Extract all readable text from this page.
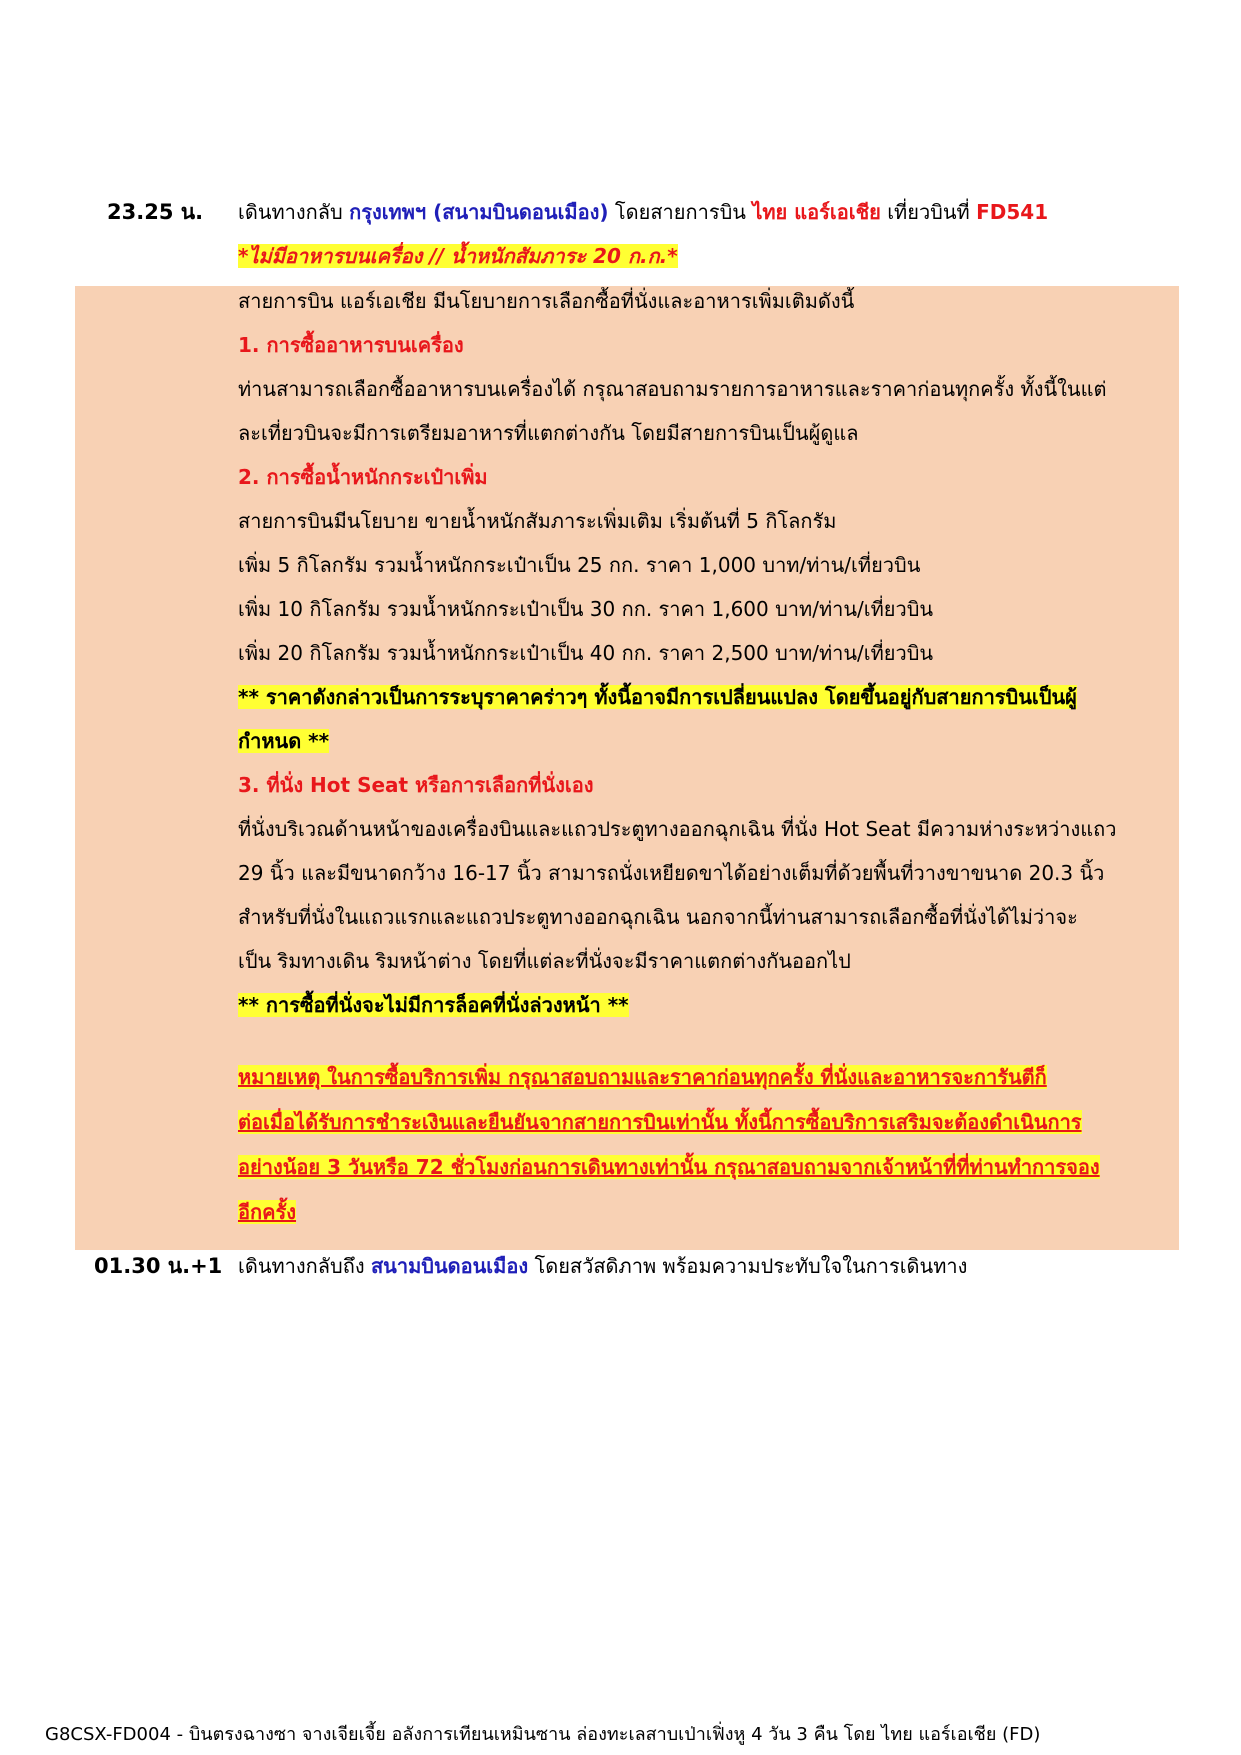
23.25 น. เดินทางกลับ กรุงเทพฯ (สนามบินดอนเมือง) โดยสายการบิน ไทย แอร์เอเชีย เที่ยวบินที่ FD541
*ไม่มีอาหารบนเครื่อง // น้ำหนักสัมภาระ 20 ก.ก.*
สายการบิน แอร์เอเชีย มีนโยบายการเลือกซื้อที่นั่งและอาหารเพิ่มเติมดังนี้
1. การซื้ออาหารบนเครื่อง
ท่านสามารถเลือกซื้ออาหารบนเครื่องได้ กรุณาสอบถามรายการอาหารและราคาก่อนทุกครั้ง ทั้งนี้ในแต่
ละเที่ยวบินจะมีการเตรียมอาหารที่แตกต่างกัน โดยมีสายการบินเป็นผู้ดูแล
2. การซื้อน้ำหนักกระเป๋าเพิ่ม
สายการบินมีนโยบาย ขายน้ำหนักสัมภาระเพิ่มเติม เริ่มต้นที่ 5 กิโลกรัม
เพิ่ม 5 กิโลกรัม รวมน้ำหนักกระเป๋าเป็น 25 กก. ราคา 1,000 บาท/ท่าน/เที่ยวบิน
เพิ่ม 10 กิโลกรัม รวมน้ำหนักกระเป๋าเป็น 30 กก. ราคา 1,600 บาท/ท่าน/เที่ยวบิน
เพิ่ม 20 กิโลกรัม รวมน้ำหนักกระเป๋าเป็น 40 กก. ราคา 2,500 บาท/ท่าน/เที่ยวบิน
** ราคาดังกล่าวเป็นการระบุราคาคร่าวๆ ทั้งนี้อาจมีการเปลี่ยนแปลง โดยขึ้นอยู่กับสายการบินเป็นผู้
กำหนด **
3. ที่นั่ง Hot Seat หรือการเลือกที่นั่งเอง
ที่นั่งบริเวณด้านหน้าของเครื่องบินและแถวประตูทางออกฉุกเฉิน ที่นั่ง Hot Seat มีความห่างระหว่างแถว
29 นิ้ว และมีขนาดกว้าง 16-17 นิ้ว สามารถนั่งเหยียดขาได้อย่างเต็มที่ด้วยพื้นที่วางขาขนาด 20.3 นิ้ว
สำหรับที่นั่งในแถวแรกและแถวประตูทางออกฉุกเฉิน นอกจากนี้ท่านสามารถเลือกซื้อที่นั่งได้ไม่ว่าจะ
เป็น ริมทางเดิน ริมหน้าต่าง โดยที่แต่ละที่นั่งจะมีราคาแตกต่างกันออกไป
** การซื้อที่นั่งจะไม่มีการล็อคที่นั่งล่วงหน้า **
หมายเหตุ ในการซื้อบริการเพิ่ม กรุณาสอบถามและราคาก่อนทุกครั้ง ที่นั่งและอาหารจะการันตีก็
ต่อเมื่อได้รับการชำระเงินและยืนยันจากสายการบินเท่านั้น ทั้งนี้การซื้อบริการเสริมจะต้องดำเนินการ
อย่างน้อย 3 วันหรือ 72 ชั่วโมงก่อนการเดินทางเท่านั้น กรุณาสอบถามจากเจ้าหน้าที่ที่ท่านทำการจอง
อีกครั้ง
01.30 น.+1 เดินทางกลับถึง สนามบินดอนเมือง โดยสวัสดิภาพ พร้อมความประทับใจในการเดินทาง
G8CSX-FD004 - บินตรงฉางซา จางเจียเจี้ย อลังการเทียนเหมินซาน ล่องทะเลสาบเป่าเฟิ่งหู 4 วัน 3 คืน โดย ไทย แอร์เอเชีย (FD)
